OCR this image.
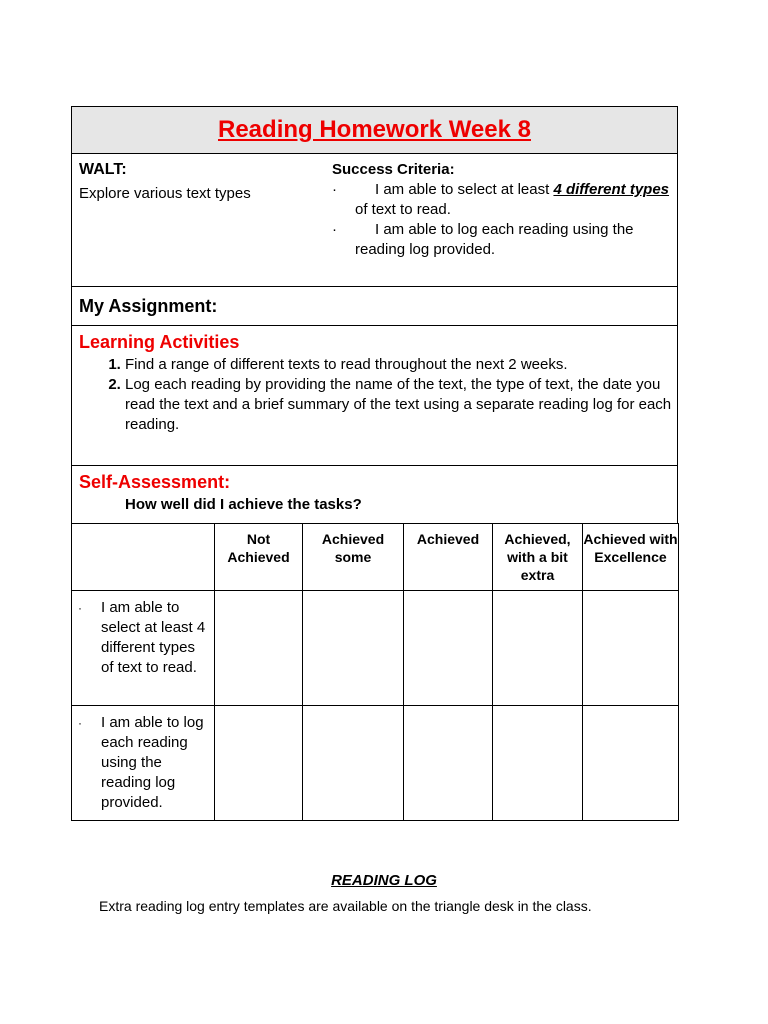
Reading Homework Week 8
WALT:
Explore various text types
Success Criteria:
·	I am able to select at least 4 different types of text to read.
·	I am able to log each reading using the reading log provided.
My Assignment:
Learning Activities
1. Find a range of different texts to read throughout the next 2 weeks.
2. Log each reading by providing the name of the text, the type of text, the date you read the text and a brief summary of the text using a separate reading log for each reading.
Self-Assessment:
How well did I achieve the tasks?
	Not Achieved	Achieved some	Achieved	Achieved, with a bit extra	Achieved with Excellence

· I am able to select at least 4 different types of text to read.					

· I am able to log each reading using the reading log provided.					

READING LOG
Extra reading log entry templates are available on the triangle desk in the class.
